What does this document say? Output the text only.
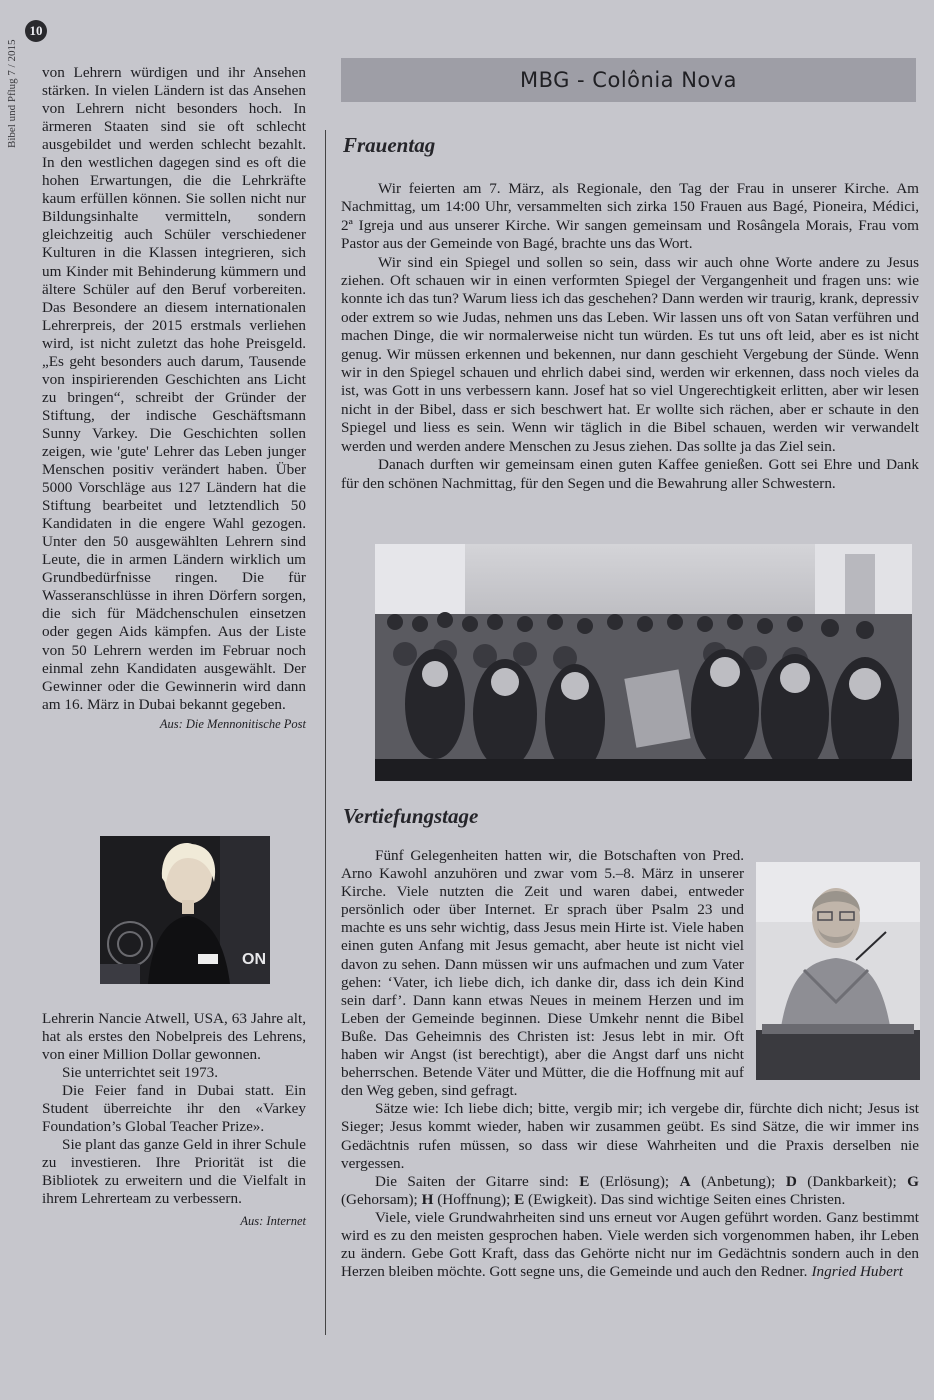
10
Bibel und Pflug 7 / 2015 von Lehrern würdigen und ihr Ansehen stärken. In vielen Ländern ist das Ansehen von Lehrern nicht besonders hoch. In ärmeren Staaten sind sie oft schlecht ausgebildet und werden schlecht bezahlt. In den westlichen dagegen sind es oft die hohen Erwartungen, die die Lehrkräfte kaum erfüllen können. Sie sollen nicht nur Bildungsinhalte vermitteln, sondern gleichzeitig auch Schüler verschiedener Kulturen in die Klassen integrieren, sich um Kinder mit Behinderung kümmern und ältere Schüler auf den Beruf vorbereiten. Das Besondere an diesem internationalen Lehrerpreis, der 2015 erstmals verliehen wird, ist nicht zuletzt das hohe Preisgeld. „Es geht besonders auch darum, Tausende von inspirierenden Geschichten ans Licht zu bringen“, schreibt der Gründer der Stiftung, der indische Geschäftsmann Sunny Varkey. Die Geschichten sollen zeigen, wie 'gute' Lehrer das Leben junger Menschen positiv verändert haben. Über 5000 Vorschläge aus 127 Ländern hat die Stiftung bearbeitet und letztendlich 50 Kandidaten in die engere Wahl gezogen. Unter den 50 ausgewählten Lehrern sind Leute, die in armen Ländern wirklich um Grundbedürfnisse ringen. Die für Wasseranschlüsse in ihren Dörfern sorgen, die sich für Mädchenschulen einsetzen oder gegen Aids kämpfen. Aus der Liste von 50 Lehrern werden im Februar noch einmal zehn Kandidaten ausgewählt. Der Gewinner oder die Gewinnerin wird dann am 16. März in Dubai bekannt gegeben.

Aus: Die Mennonitische Post

ON

Lehrerin Nancie Atwell, USA, 63 Jahre alt, hat als erstes den Nobelpreis des Lehrens, von einer Million Dollar gewonnen.

Sie unterrichtet seit 1973.

Die Feier fand in Dubai statt. Ein Student überreichte ihr den «Varkey Foundation’s Global Teacher Prize».

Sie plant das ganze Geld in ihrer Schule zu investieren. Ihre Priorität ist die Bibliotek zu erweitern und die Vielfalt in ihrem Lehrerteam zu verbessern.

Aus: Internet

MBG - Colônia Nova
Frauentag

Wir feierten am 7. März, als Regionale, den Tag der Frau in unserer Kirche. Am Nachmittag, um 14:00 Uhr, versammelten sich zirka 150 Frauen aus Bagé, Pioneira, Médici, 2ª Igreja und aus unserer Kirche. Wir sangen gemeinsam und Rosângela Morais, Frau vom Pastor aus der Gemeinde von Bagé, brachte uns das Wort.

Wir sind ein Spiegel und sollen so sein, dass wir auch ohne Worte andere zu Jesus ziehen. Oft schauen wir in einen verformten Spiegel der Vergangenheit und fragen uns: wie konnte ich das tun? Warum liess ich das geschehen? Dann werden wir traurig, krank, depressiv oder extrem so wie Judas, nehmen uns das Leben. Wir lassen uns oft von Satan verführen und machen Dinge, die wir normalerweise nicht tun würden. Es tut uns oft leid, aber es ist nicht genug. Wir müssen erkennen und bekennen, nur dann geschieht Vergebung der Sünde. Wenn wir in den Spiegel schauen und ehrlich dabei sind, werden wir erkennen, dass noch vieles da ist, was Gott in uns verbessern kann. Josef hat so viel Ungerechtigkeit erlitten, aber wir lesen nicht in der Bibel, dass er sich beschwert hat. Er wollte sich rächen, aber er schaute in den Spiegel und liess es sein. Wenn wir täglich in die Bibel schauen, werden wir verwandelt werden und werden andere Menschen zu Jesus ziehen. Das sollte ja das Ziel sein.

Danach durften wir gemeinsam einen guten Kaffee genießen. Gott sei Ehre und Dank für den schönen Nachmittag, für den Segen und die Bewahrung aller Schwestern.

Vertiefungstage

Fünf Gelegenheiten hatten wir, die Botschaften von Pred. Arno Kawohl anzuhören und zwar vom 5.–8. März in unserer Kirche. Viele nutzten die Zeit und waren dabei, entweder persönlich oder über Internet. Er sprach über Psalm 23 und machte es uns sehr wichtig, dass Jesus mein Hirte ist. Viele haben einen guten Anfang mit Jesus gemacht, aber heute ist nicht viel davon zu sehen. Dann müssen wir uns aufmachen und zum Vater gehen: ‘Vater, ich liebe dich, ich danke dir, dass ich dein Kind sein darf’. Dann kann etwas Neues in meinem Herzen und im Leben der Gemeinde beginnen. Diese Umkehr nennt die Bibel Buße. Das Geheimnis des Christen ist: Jesus lebt in mir. Oft haben wir Angst (ist berechtigt), aber die Angst darf uns nicht beherrschen. Betende Väter und Mütter, die die Hoffnung mit auf den Weg geben, sind gefragt.

Sätze wie: Ich liebe dich; bitte, vergib mir; ich vergebe dir, fürchte dich nicht; Jesus ist Sieger; Jesus kommt wieder, haben wir zusammen geübt. Es sind Sätze, die wir immer ins Gedächtnis rufen müssen, so dass wir diese Wahrheiten und die Praxis derselben nie vergessen.

Die Saiten der Gitarre sind: E (Erlösung); A (Anbetung); D (Dankbarkeit); G (Gehorsam); H (Hoffnung); E (Ewigkeit). Das sind wichtige Seiten eines Christen.

Viele, viele Grundwahrheiten sind uns erneut vor Augen geführt worden. Ganz bestimmt wird es zu den meisten gesprochen haben. Viele werden sich vorgenommen haben, ihr Leben zu ändern. Gebe Gott Kraft, dass das Gehörte nicht nur im Gedächtnis sondern auch in den Herzen bleiben möchte. Gott segne uns, die Gemeinde und auch den Redner. Ingried Hubert
